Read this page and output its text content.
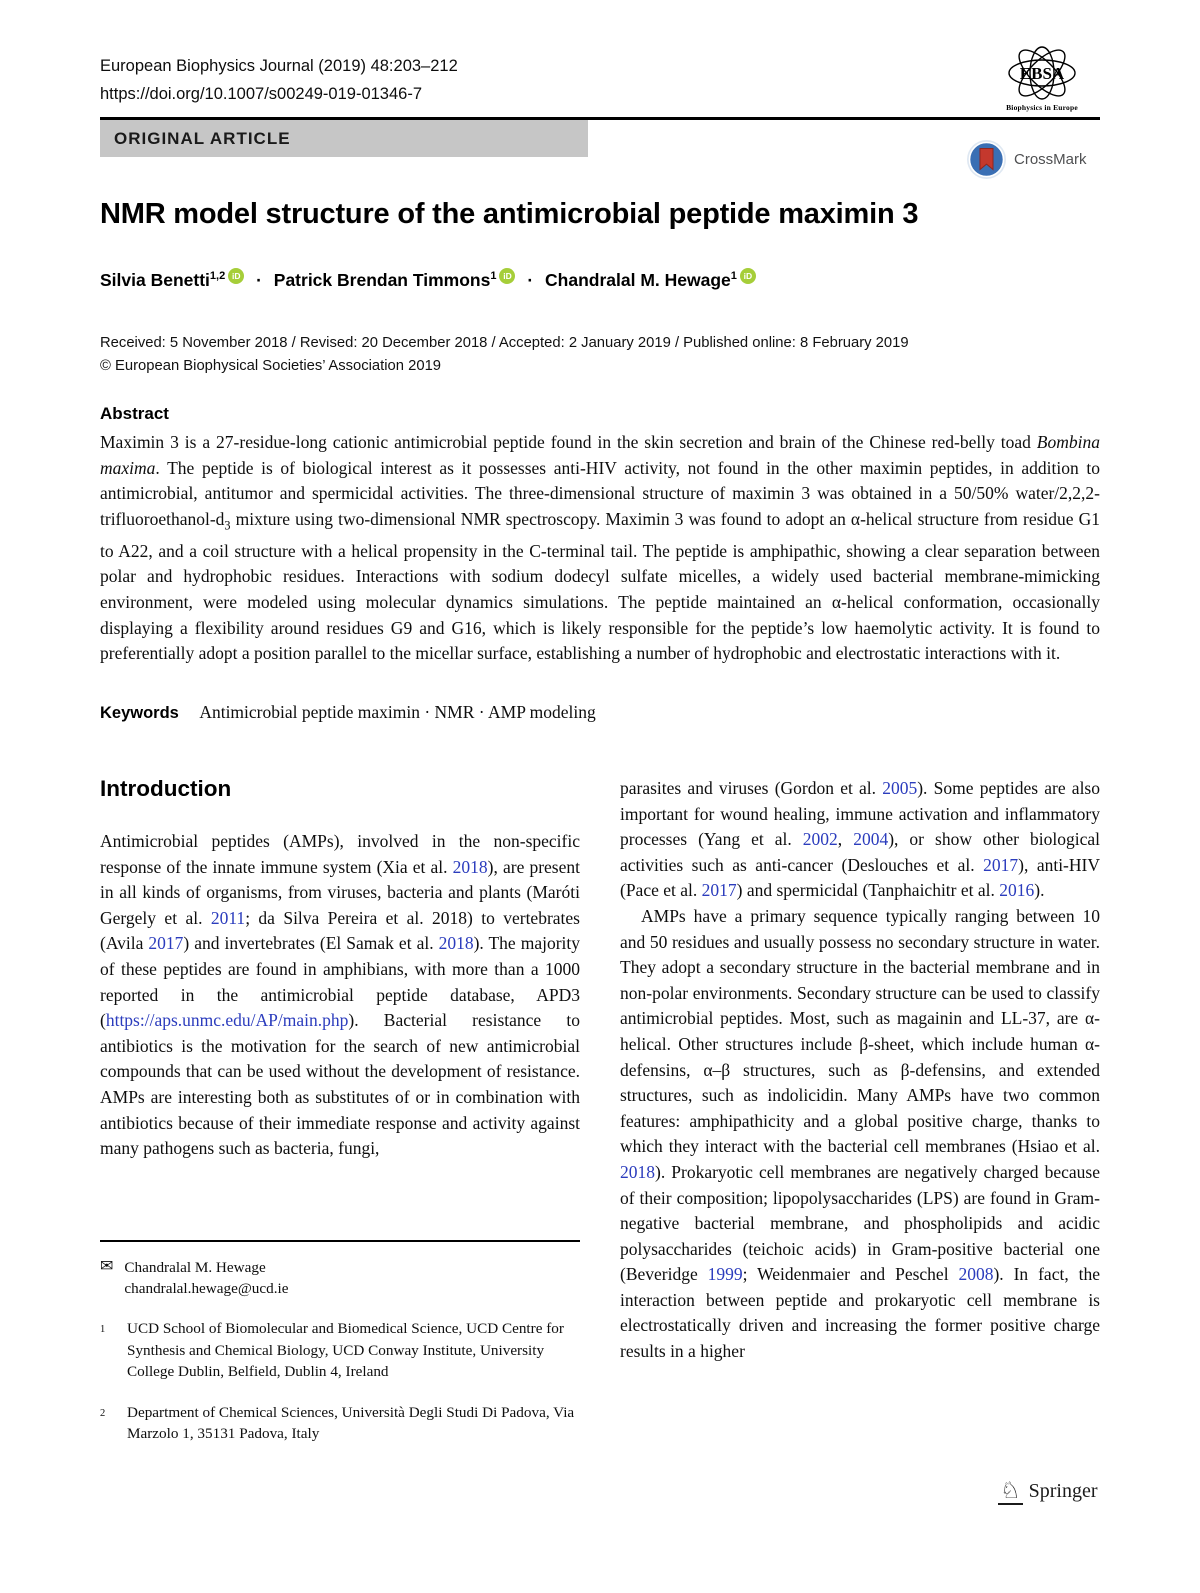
European Biophysics Journal (2019) 48:203–212
https://doi.org/10.1007/s00249-019-01346-7
EBSA
Biophysics in Europe
ORIGINAL ARTICLE
CrossMark
NMR model structure of the antimicrobial peptide maximin 3
Silvia Benetti$^{1,2}$ iD · Patrick Brendan Timmons$^1$ iD · Chandralal M. Hewage$^1$ iD
Received: 5 November 2018 / Revised: 20 December 2018 / Accepted: 2 January 2019 / Published online: 8 February 2019
© European Biophysical Societies’ Association 2019
Abstract

Maximin 3 is a 27-residue-long cationic antimicrobial peptide found in the skin secretion and brain of the Chinese red-belly toad Bombina maxima. The peptide is of biological interest as it possesses anti-HIV activity, not found in the other maximin peptides, in addition to antimicrobial, antitumor and spermicidal activities. The three-dimensional structure of maximin 3 was obtained in a 50/50% water/$2,2,2-trifluoroethanol-d_3$ mixture using two-dimensional NMR spectroscopy. Maximin 3 was found to adopt an α-helical structure from residue G1 to A22, and a coil structure with a helical propensity in the C-terminal tail. The peptide is amphipathic, showing a clear separation between polar and hydrophobic residues. Interactions with sodium dodecyl sulfate micelles, a widely used bacterial membrane-mimicking environment, were modeled using molecular dynamics simulations. The peptide maintained an α-helical conformation, occasionally displaying a flexibility around residues G9 and G16, which is likely responsible for the peptide’s low haemolytic activity. It is found to preferentially adopt a position parallel to the micellar surface, establishing a number of hydrophobic and electrostatic interactions with it.

Keywords Antimicrobial peptide maximin · NMR · AMP modeling
Introduction

Antimicrobial peptides (AMPs), involved in the non-specific response of the innate immune system (Xia et al. 2018), are present in all kinds of organisms, from viruses, bacteria and plants (Maróti Gergely et al. 2011; da Silva Pereira et al. 2018) to vertebrates (Avila 2017) and invertebrates (El Samak et al. 2018). The majority of these peptides are found in amphibians, with more than a 1000 reported in the antimicrobial peptide database, APD3 (https://aps.unmc.edu/AP/main.php). Bacterial resistance to antibiotics is the motivation for the search of new antimicrobial compounds that can be used without the development of resistance. AMPs are interesting both as substitutes of or in combination with antibiotics because of their immediate response and activity against many pathogens such as bacteria, fungi,

parasites and viruses (Gordon et al. 2005). Some peptides are also important for wound healing, immune activation and inflammatory processes (Yang et al. 2002, 2004), or show other biological activities such as anti-cancer (Deslouches et al. 2017), anti-HIV (Pace et al. 2017) and spermicidal (Tanphaichitr et al. 2016).

AMPs have a primary sequence typically ranging between 10 and 50 residues and usually possess no secondary structure in water. They adopt a secondary structure in the bacterial membrane and in non-polar environments. Secondary structure can be used to classify antimicrobial peptides. Most, such as magainin and LL-37, are α-helical. Other structures include β-sheet, which include human α-defensins, α–β structures, such as β-defensins, and extended structures, such as indolicidin. Many AMPs have two common features: amphipathicity and a global positive charge, thanks to which they interact with the bacterial cell membranes (Hsiao et al. 2018). Prokaryotic cell membranes are negatively charged because of their composition; lipopolysaccharides (LPS) are found in Gram-negative bacterial membrane, and phospholipids and acidic polysaccharides (teichoic acids) in Gram-positive bacterial one (Beveridge 1999; Weidenmaier and Peschel 2008). In fact, the interaction between peptide and prokaryotic cell membrane is electrostatically driven and increasing the former positive charge results in a higher

✉ Chandralal M. Hewage
chandralal.hewage@ucd.ie
1	UCD School of Biomolecular and Biomedical Science, UCD Centre for Synthesis and Chemical Biology, UCD Conway Institute, University College Dublin, Belfield, Dublin 4, Ireland
2	Department of Chemical Sciences, Università Degli Studi Di Padova, Via Marzolo 1, 35131 Padova, Italy
♘ Springer
